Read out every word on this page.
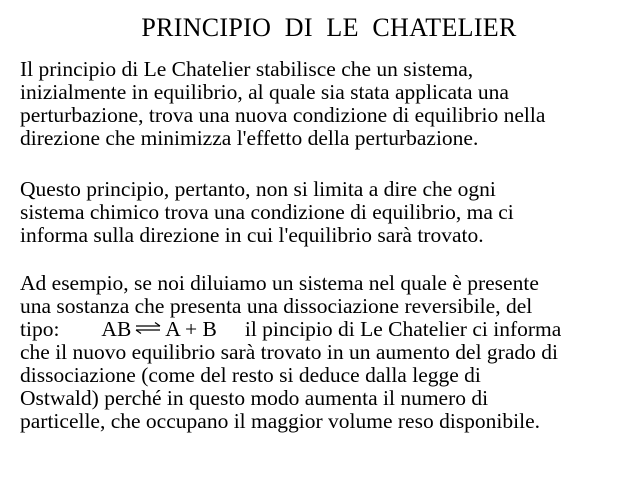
PRINCIPIO  DI  LE  CHATELIER
Il principio di Le Chatelier stabilisce che un sistema,
inizialmente in equilibrio, al quale sia stata applicata una
perturbazione, trova una nuova condizione di equilibrio nella
direzione che minimizza l'effetto della perturbazione.
Questo principio, pertanto, non si limita a dire che ogni
sistema chimico trova una condizione di equilibrio, ma ci
informa sulla direzione in cui l'equilibrio sarà trovato.
Ad esempio, se noi diluiamo un sistema nel quale è presente
una sostanza che presenta una dissociazione reversibile, del
tipo: AB ⇌ A + B il pincipio di Le Chatelier ci informa
che il nuovo equilibrio sarà trovato in un aumento del grado di
dissociazione (come del resto si deduce dalla legge di
Ostwald) perché in questo modo aumenta il numero di
particelle, che occupano il maggior volume reso disponibile.
